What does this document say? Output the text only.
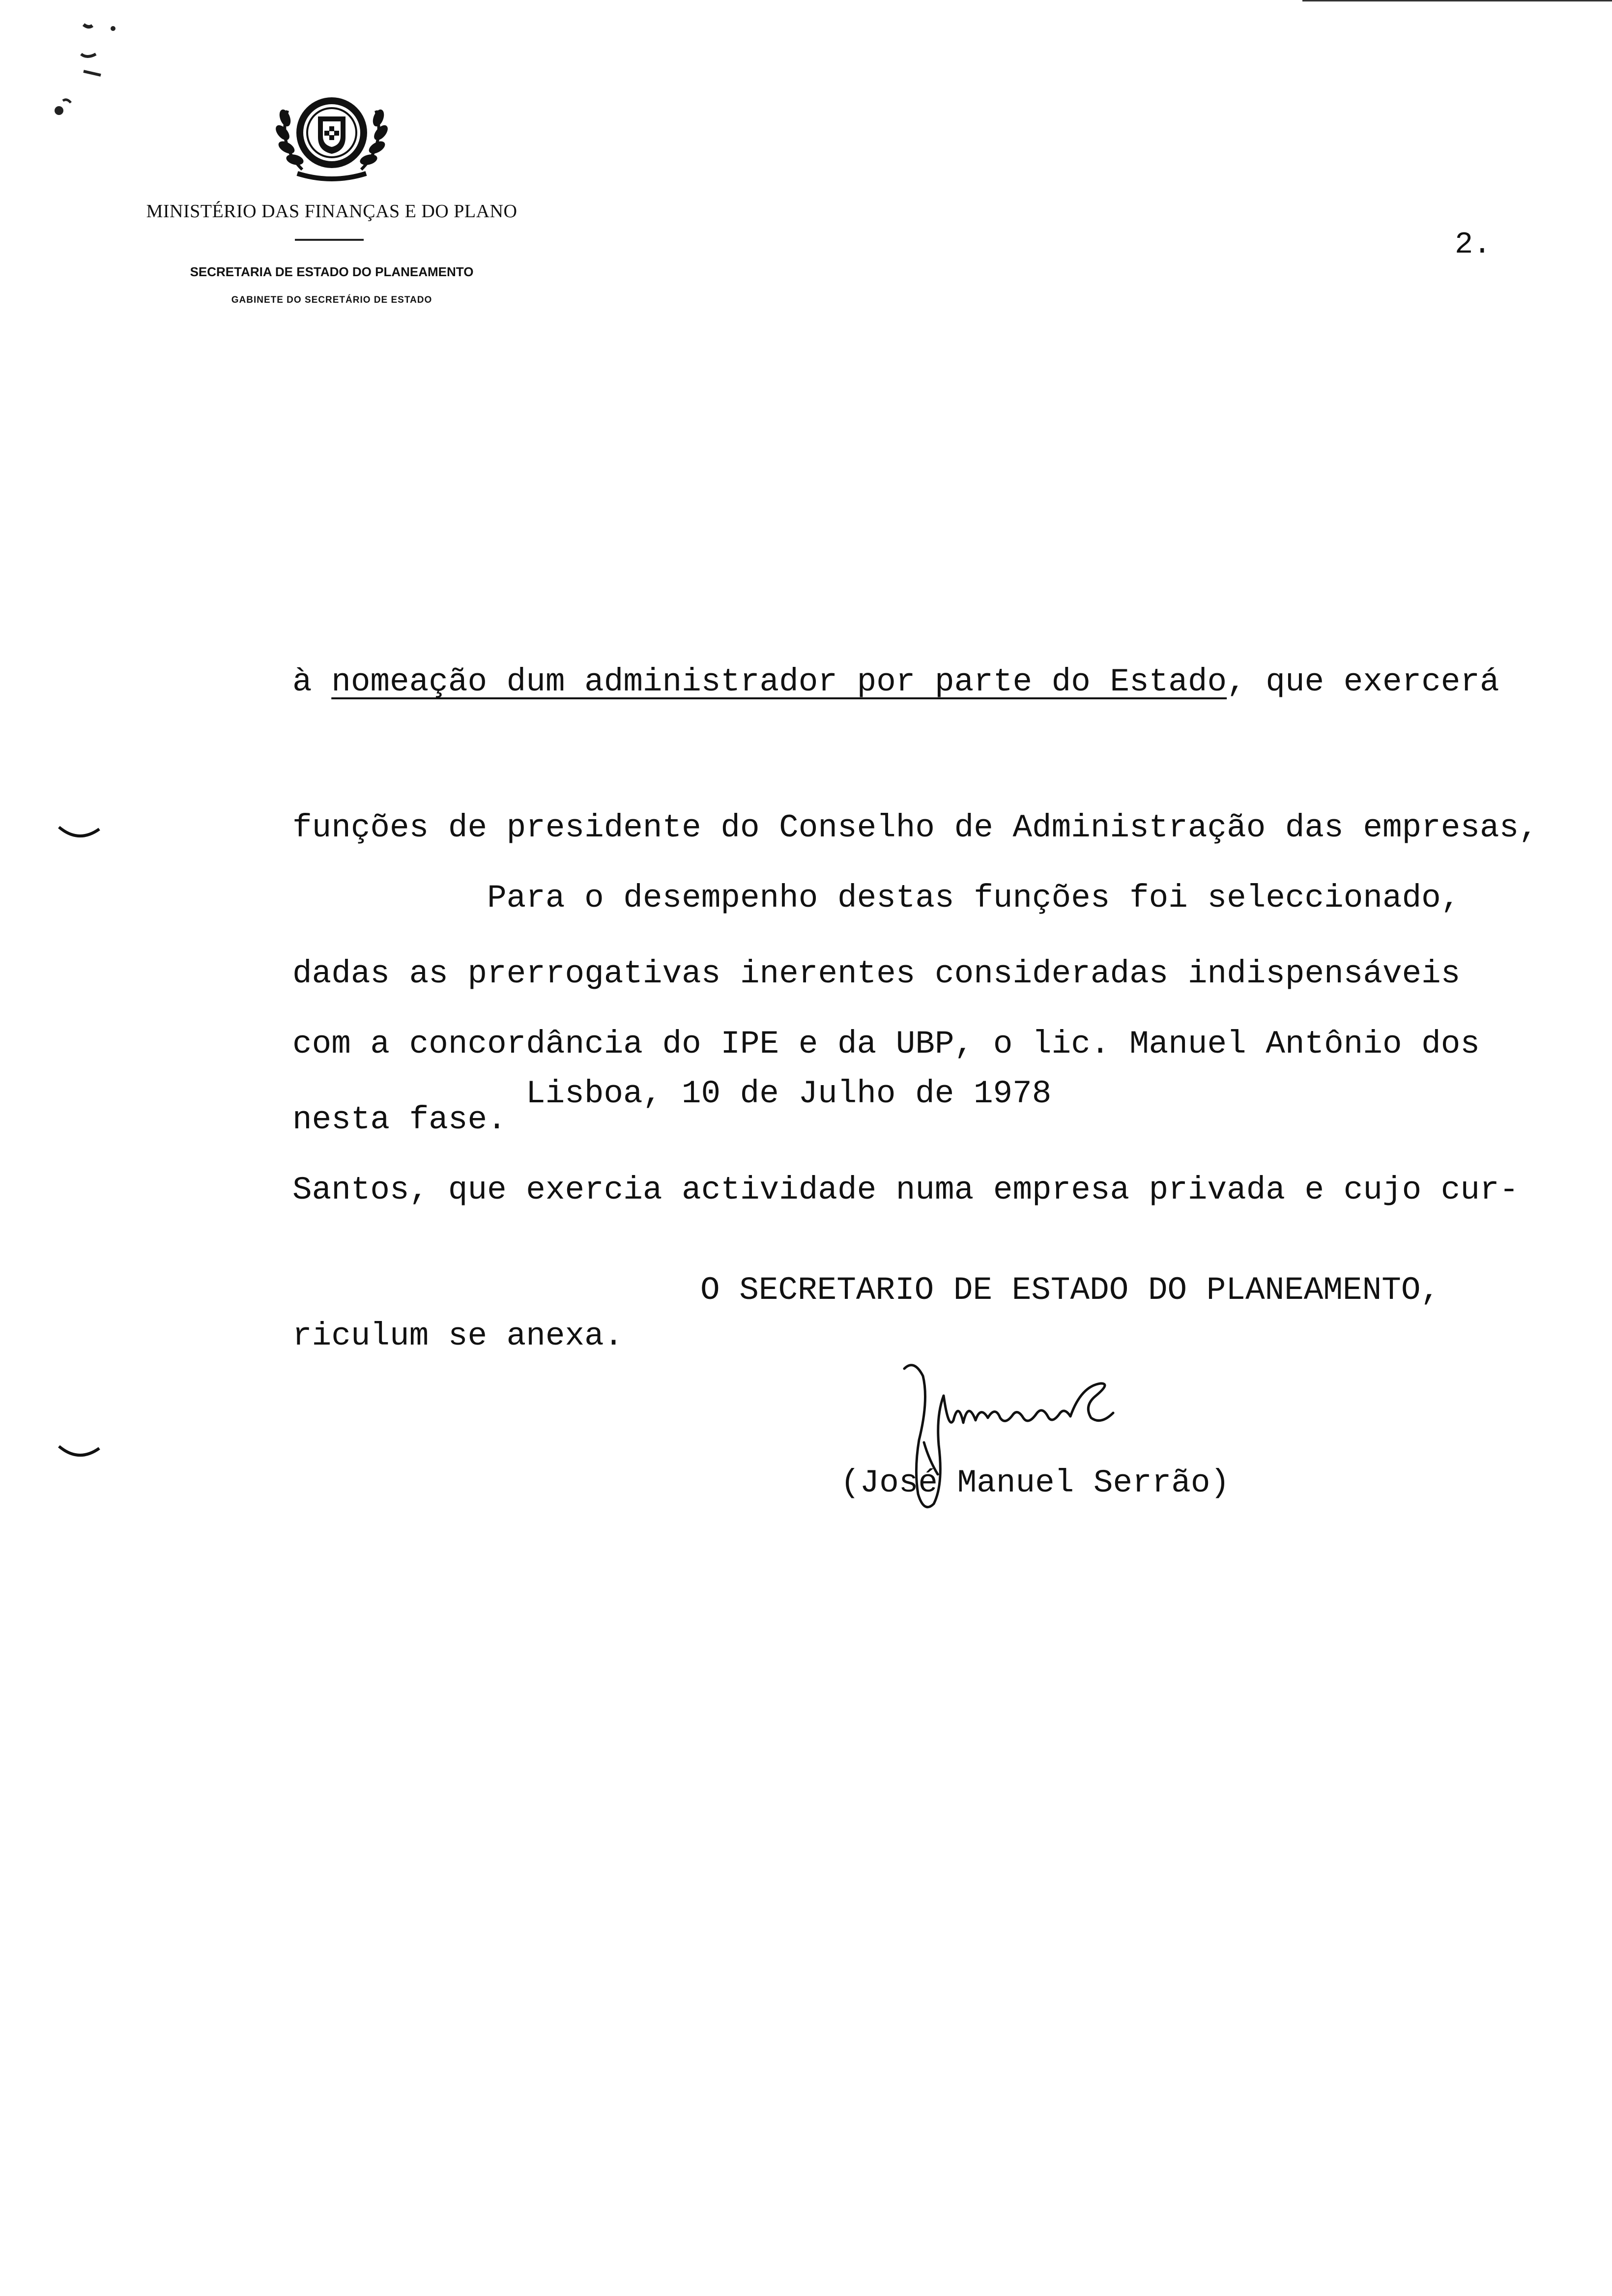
MINISTÉRIO DAS FINANÇAS E DO PLANO
SECRETARIA DE ESTADO DO PLANEAMENTO
GABINETE DO SECRETÁRIO DE ESTADO
2.

à nomeação dum administrador por parte do Estado, que exercerá

funções de presidente do Conselho de Administração das empresas,

dadas as prerrogativas inerentes consideradas indispensáveis

nesta fase.

Para o desempenho destas funções foi seleccionado,

com a concordância do IPE e da UBP, o lic. Manuel Antônio dos

Santos, que exercia actividade numa empresa privada e cujo cur-

riculum se anexa.

Lisboa, 10 de Julho de 1978
O SECRETARIO DE ESTADO DO PLANEAMENTO,
(José Manuel Serrão)
